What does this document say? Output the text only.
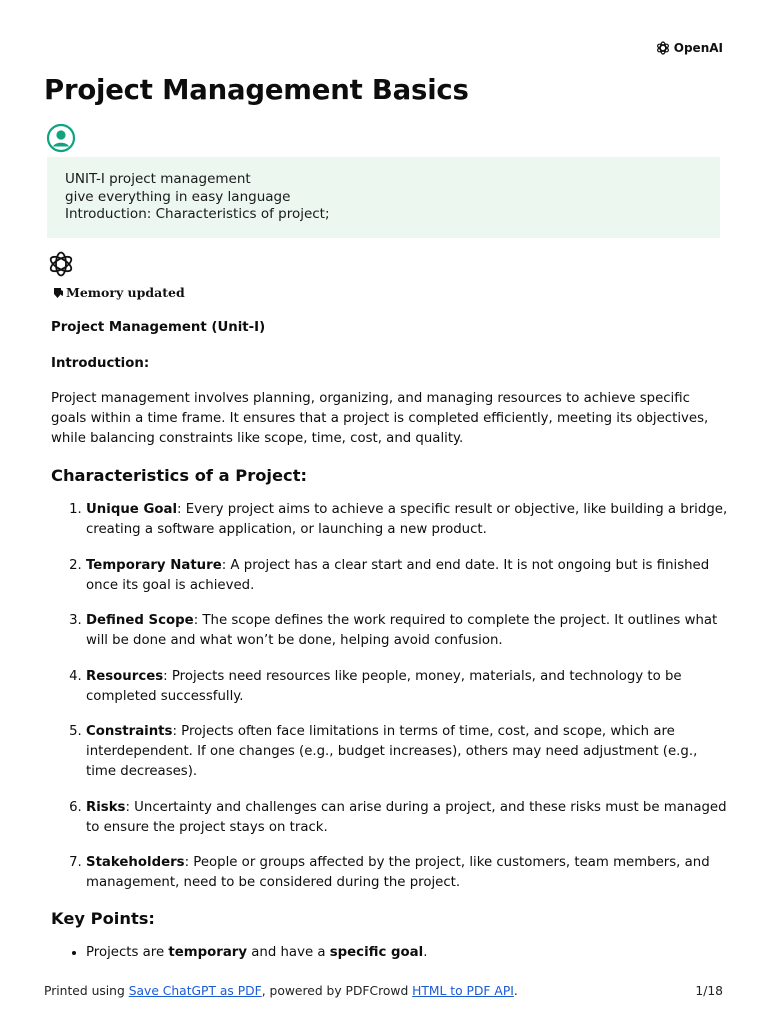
OpenAI
Project Management Basics
UNIT-I project management
give everything in easy language
Introduction: Characteristics of project;
Memory updated

Project Management (Unit-I)

Introduction:

Project management involves planning, organizing, and managing resources to achieve specific goals within a time frame. It ensures that a project is completed efficiently, meeting its objectives, while balancing constraints like scope, time, cost, and quality.

Characteristics of a Project:
1. Unique Goal: Every project aims to achieve a specific result or objective, like building a bridge, creating a software application, or launching a new product.
2. Temporary Nature: A project has a clear start and end date. It is not ongoing but is finished once its goal is achieved.
3. Defined Scope: The scope defines the work required to complete the project. It outlines what will be done and what won’t be done, helping avoid confusion.
4. Resources: Projects need resources like people, money, materials, and technology to be completed successfully.
5. Constraints: Projects often face limitations in terms of time, cost, and scope, which are interdependent. If one changes (e.g., budget increases), others may need adjustment (e.g., time decreases).
6. Risks: Uncertainty and challenges can arise during a project, and these risks must be managed to ensure the project stays on track.
7. Stakeholders: People or groups affected by the project, like customers, team members, and management, need to be considered during the project.
Key Points:
• Projects are temporary and have a specific goal.
Printed using Save ChatGPT as PDF, powered by PDFCrowd HTML to PDF API.	1/18
